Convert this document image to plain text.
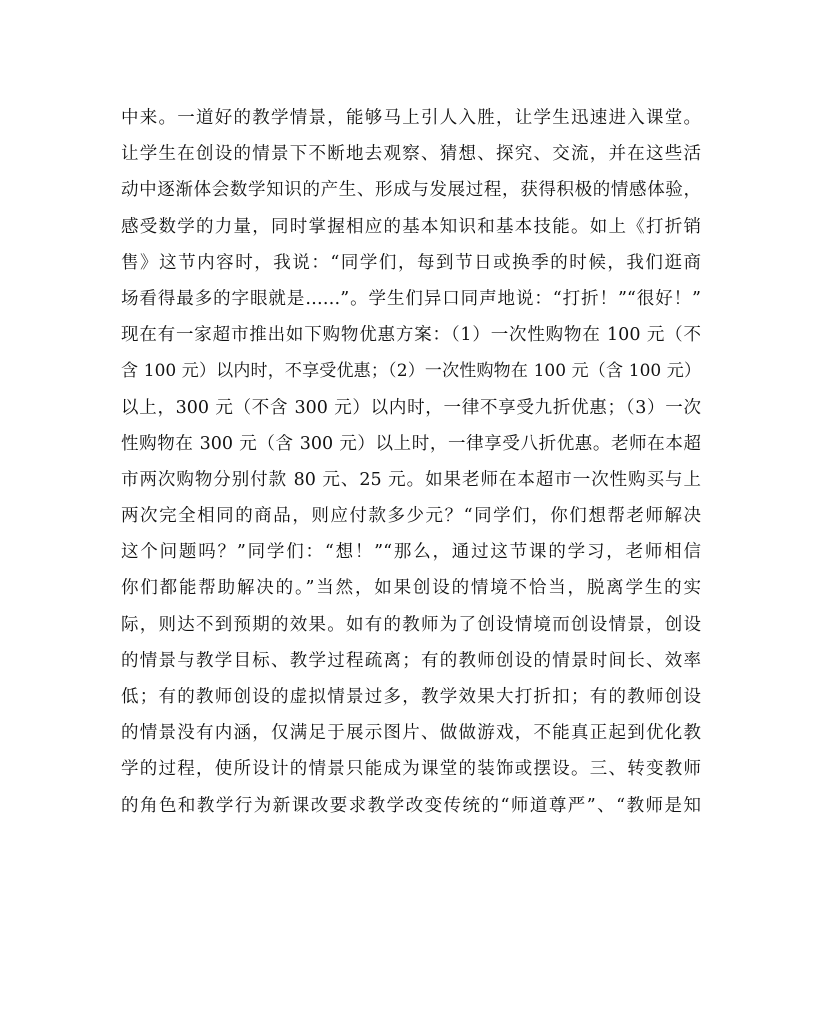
中来。一道好的教学情景，能够马上引人入胜，让学生迅速进入课堂。
让学生在创设的情景下不断地去观察、猜想、探究、交流，并在这些活
动中逐渐体会数学知识的产生、形成与发展过程，获得积极的情感体验，
感受数学的力量，同时掌握相应的基本知识和基本技能。如上《打折销
售》这节内容时，我说：“同学们，每到节日或换季的时候，我们逛商
场看得最多的字眼就是……”。学生们异口同声地说：“打折！”“很好！”
现在有一家超市推出如下购物优惠方案：（1）一次性购物在 100 元（不
含 100 元）以内时，不享受优惠；（2）一次性购物在 100 元（含 100 元）
以上，300 元（不含 300 元）以内时，一律不享受九折优惠；（3）一次
性购物在 300 元（含 300 元）以上时，一律享受八折优惠。老师在本超
市两次购物分别付款 80 元、25 元。如果老师在本超市一次性购买与上
两次完全相同的商品，则应付款多少元？“同学们，你们想帮老师解决
这个问题吗？”同学们：“想！”“那么，通过这节课的学习，老师相信
你们都能帮助解决的。”当然，如果创设的情境不恰当，脱离学生的实
际，则达不到预期的效果。如有的教师为了创设情境而创设情景，创设
的情景与教学目标、教学过程疏离；有的教师创设的情景时间长、效率
低；有的教师创设的虚拟情景过多，教学效果大打折扣；有的教师创设
的情景没有内涵，仅满足于展示图片、做做游戏，不能真正起到优化教
学的过程，使所设计的情景只能成为课堂的装饰或摆设。三、转变教师
的角色和教学行为新课改要求教学改变传统的“师道尊严”、“教师是知
